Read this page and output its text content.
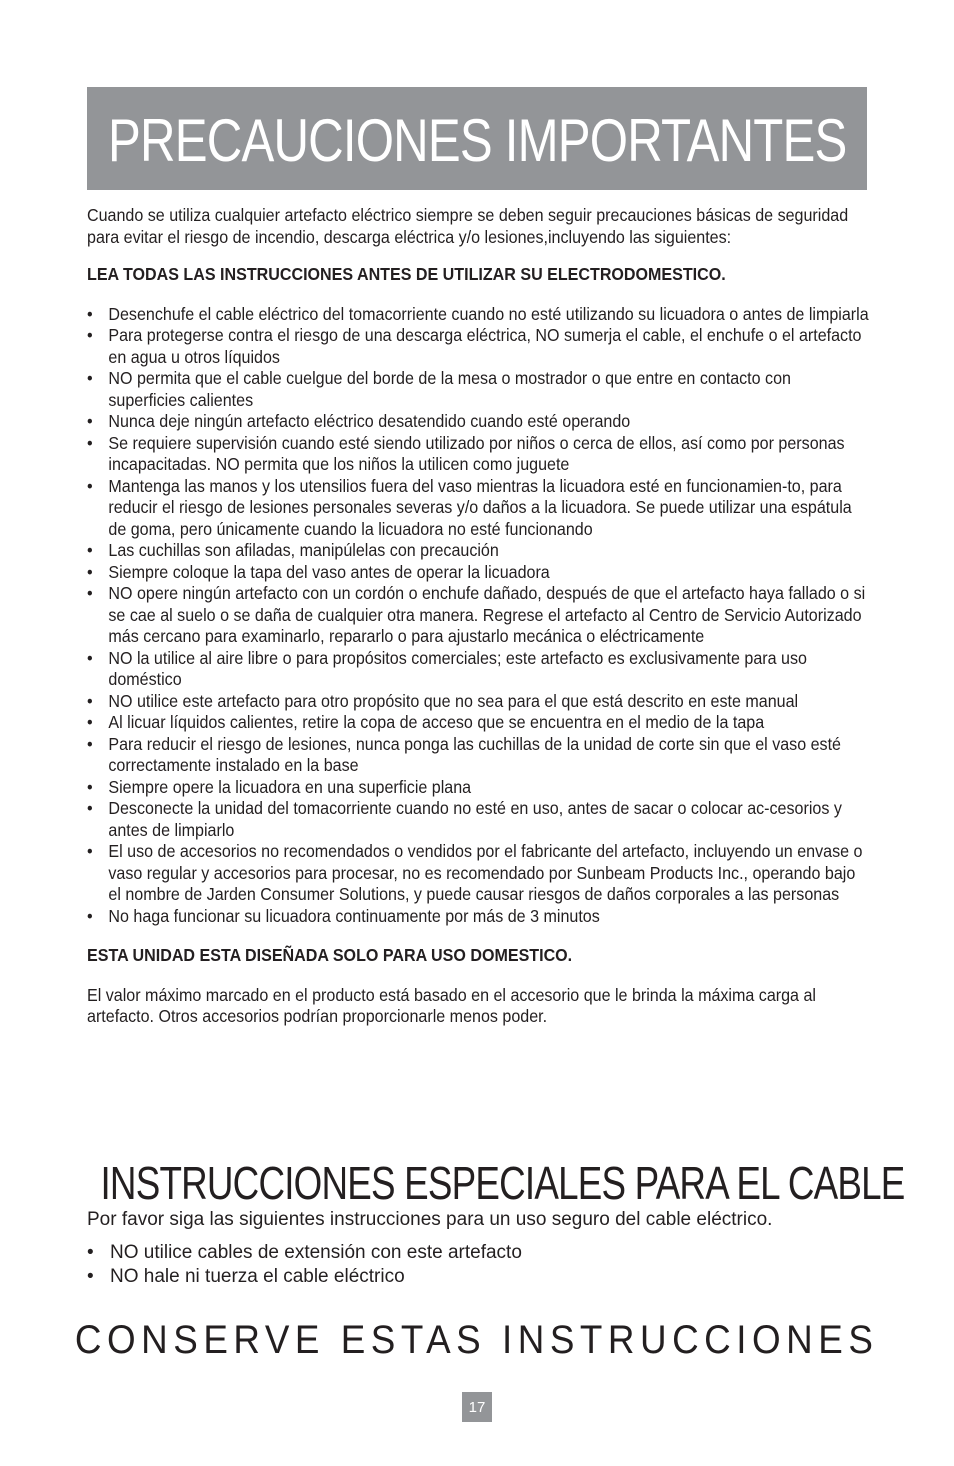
PRECAUCIONES IMPORTANTES

Cuando se utiliza cualquier artefacto eléctrico siempre se deben seguir precauciones básicas de seguridad para evitar el riesgo de incendio, descarga eléctrica y/o lesiones,incluyendo las siguientes:

LEA TODAS LAS INSTRUCCIONES ANTES DE UTILIZAR SU ELECTRODOMESTICO.

• Desenchufe el cable eléctrico del tomacorriente cuando no esté utilizando su licuadora o antes de limpiarla
• Para protegerse contra el riesgo de una descarga eléctrica, NO sumerja el cable, el enchufe o el artefacto en agua u otros líquidos
• NO permita que el cable cuelgue del borde de la mesa o mostrador o que entre en contacto con superficies calientes
• Nunca deje ningún artefacto eléctrico desatendido cuando esté operando
• Se requiere supervisión cuando esté siendo utilizado por niños o cerca de ellos, así como por personas incapacitadas. NO permita que los niños la utilicen como juguete
• Mantenga las manos y los utensilios fuera del vaso mientras la licuadora esté en funcionamien-to, para reducir el riesgo de lesiones personales severas y/o daños a la licuadora. Se puede utilizar una espátula de goma, pero únicamente cuando la licuadora no esté funcionando
• Las cuchillas son afiladas, manipúlelas con precaución
• Siempre coloque la tapa del vaso antes de operar la licuadora
• NO opere ningún artefacto con un cordón o enchufe dañado, después de que el artefacto haya fallado o si se cae al suelo o se daña de cualquier otra manera. Regrese el artefacto al Centro de Servicio Autorizado más cercano para examinarlo, repararlo o para ajustarlo mecánica o eléctricamente
• NO la utilice al aire libre o para propósitos comerciales; este artefacto es exclusivamente para uso doméstico
• NO utilice este artefacto para otro propósito que no sea para el que está descrito en este manual
• Al licuar líquidos calientes, retire la copa de acceso que se encuentra en el medio de la tapa
• Para reducir el riesgo de lesiones, nunca ponga las cuchillas de la unidad de corte sin que el vaso esté correctamente instalado en la base
• Siempre opere la licuadora en una superficie plana
• Desconecte la unidad del tomacorriente cuando no esté en uso, antes de sacar o colocar ac-cesorios y antes de limpiarlo
• El uso de accesorios no recomendados o vendidos por el fabricante del artefacto, incluyendo un envase o vaso regular y accesorios para procesar, no es recomendado por Sunbeam Products Inc., operando bajo el nombre de Jarden Consumer Solutions, y puede causar riesgos de daños corporales a las personas
• No haga funcionar su licuadora continuamente por más de 3 minutos

ESTA UNIDAD ESTA DISEÑADA SOLO PARA USO DOMESTICO.

El valor máximo marcado en el producto está basado en el accesorio que le brinda la máxima carga al artefacto. Otros accesorios podrían proporcionarle menos poder.

INSTRUCCIONES ESPECIALES PARA EL CABLE

Por favor siga las siguientes instrucciones para un uso seguro del cable eléctrico.

• NO utilice cables de extensión con este artefacto
• NO hale ni tuerza el cable eléctrico
CONSERVE ESTAS INSTRUCCIONES
17
